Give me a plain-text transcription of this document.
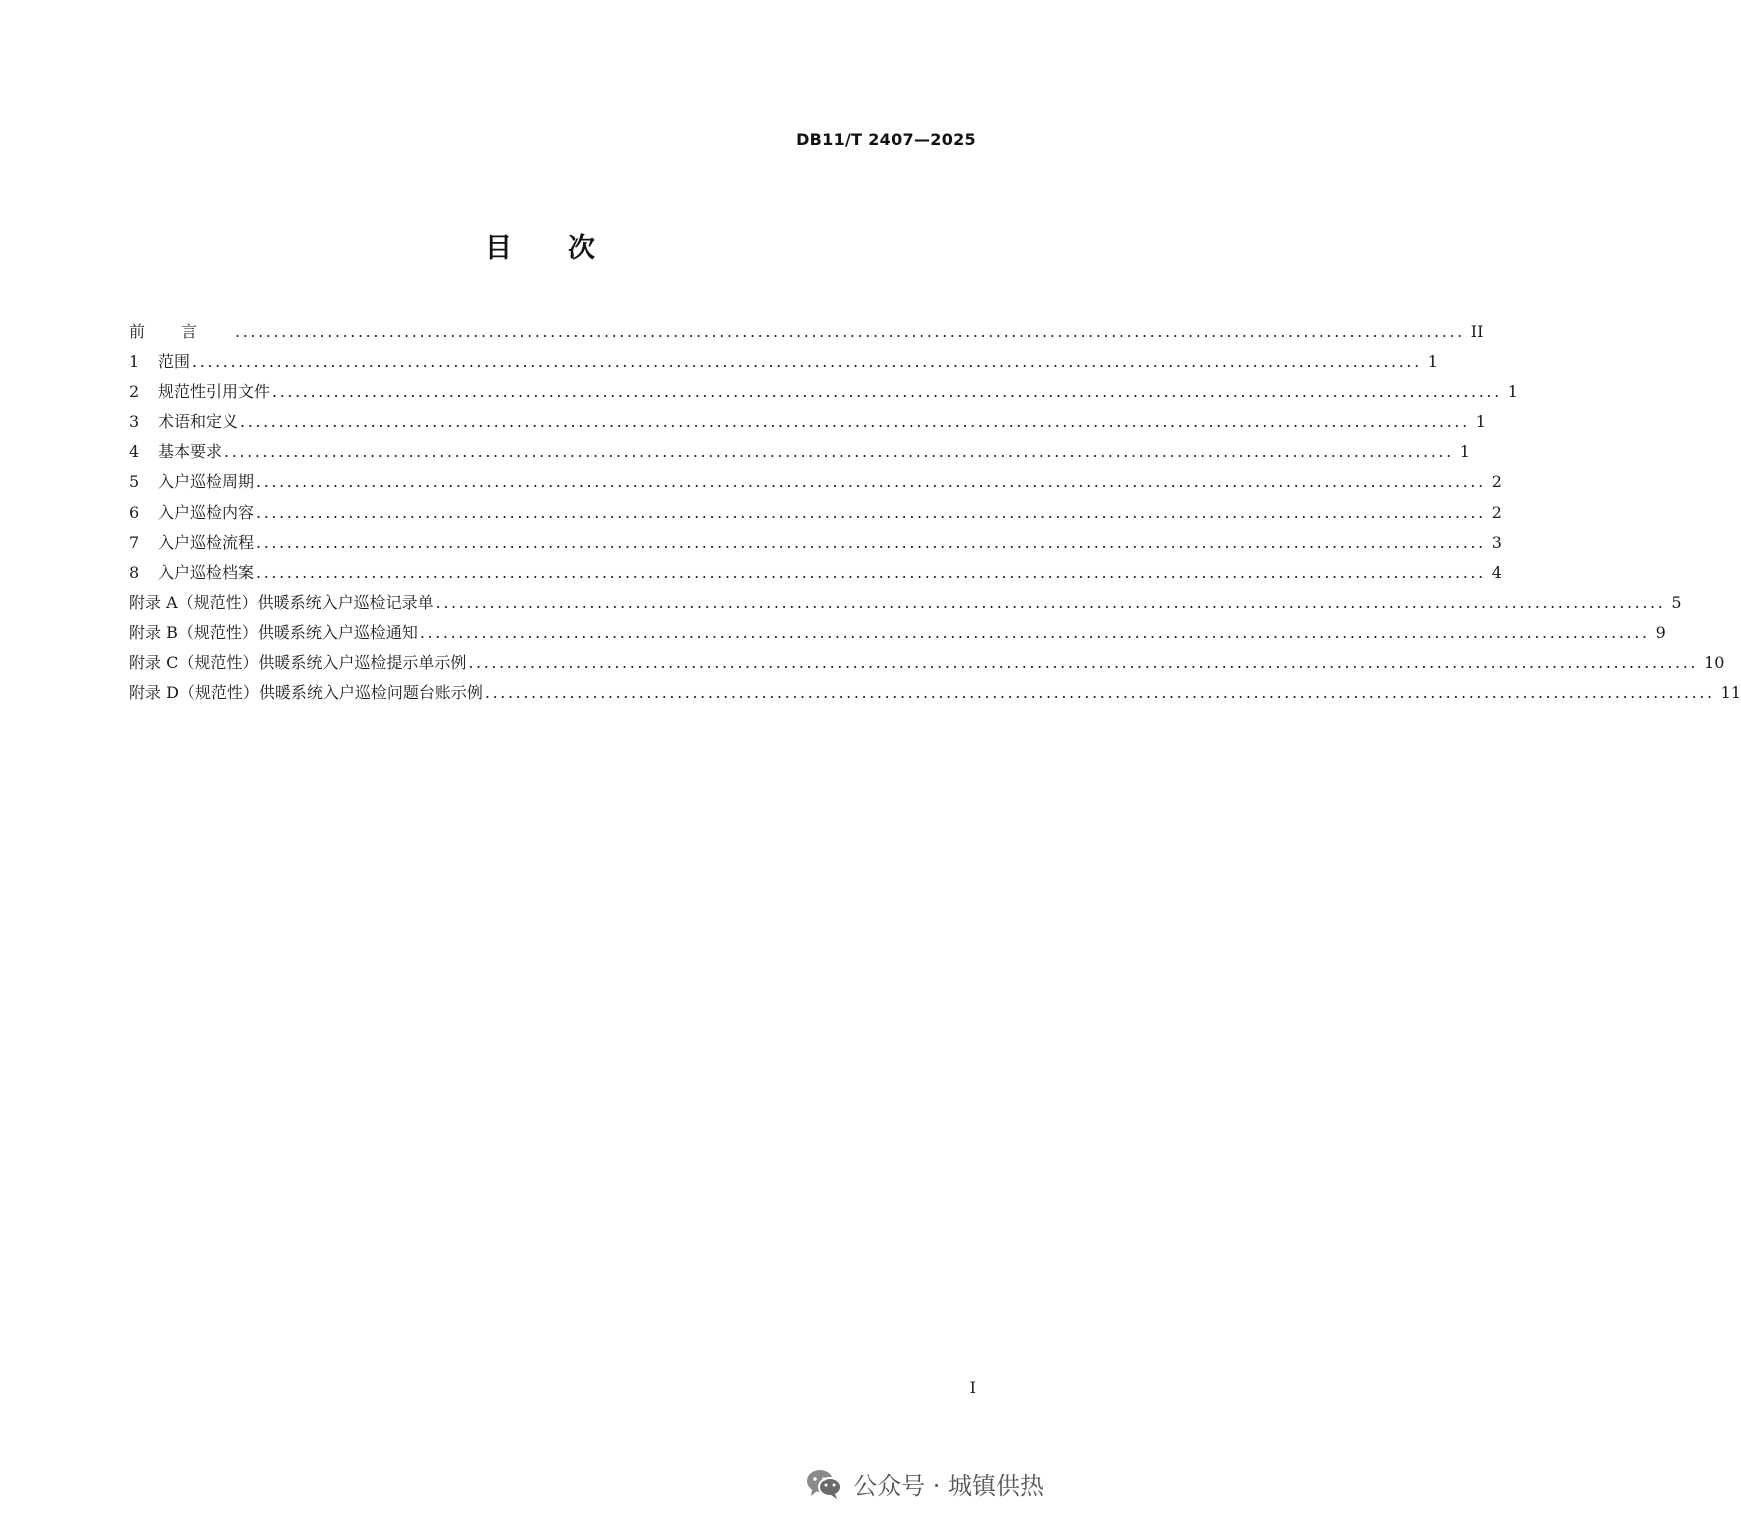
DB11/T 2407—2025
目 次
前言 ................................................................................................................................................................ II
1	范围 ................................................................................................................................................................ 1
2	规范性引用文件 ................................................................................................................................................................ 1
3	术语和定义 ................................................................................................................................................................ 1
4	基本要求 ................................................................................................................................................................ 1
5	入户巡检周期 ................................................................................................................................................................ 2
6	入户巡检内容 ................................................................................................................................................................ 2
7	入户巡检流程 ................................................................................................................................................................ 3
8	入户巡检档案 ................................................................................................................................................................ 4
附录 A（规范性）供暖系统入户巡检记录单 ................................................................................................................................................................ 5
附录 B（规范性）供暖系统入户巡检通知 ................................................................................................................................................................ 9
附录 C（规范性）供暖系统入户巡检提示单示例 ................................................................................................................................................................ 10
附录 D（规范性）供暖系统入户巡检问题台账示例 ................................................................................................................................................................ 11
I
公众号 · 城镇供热
